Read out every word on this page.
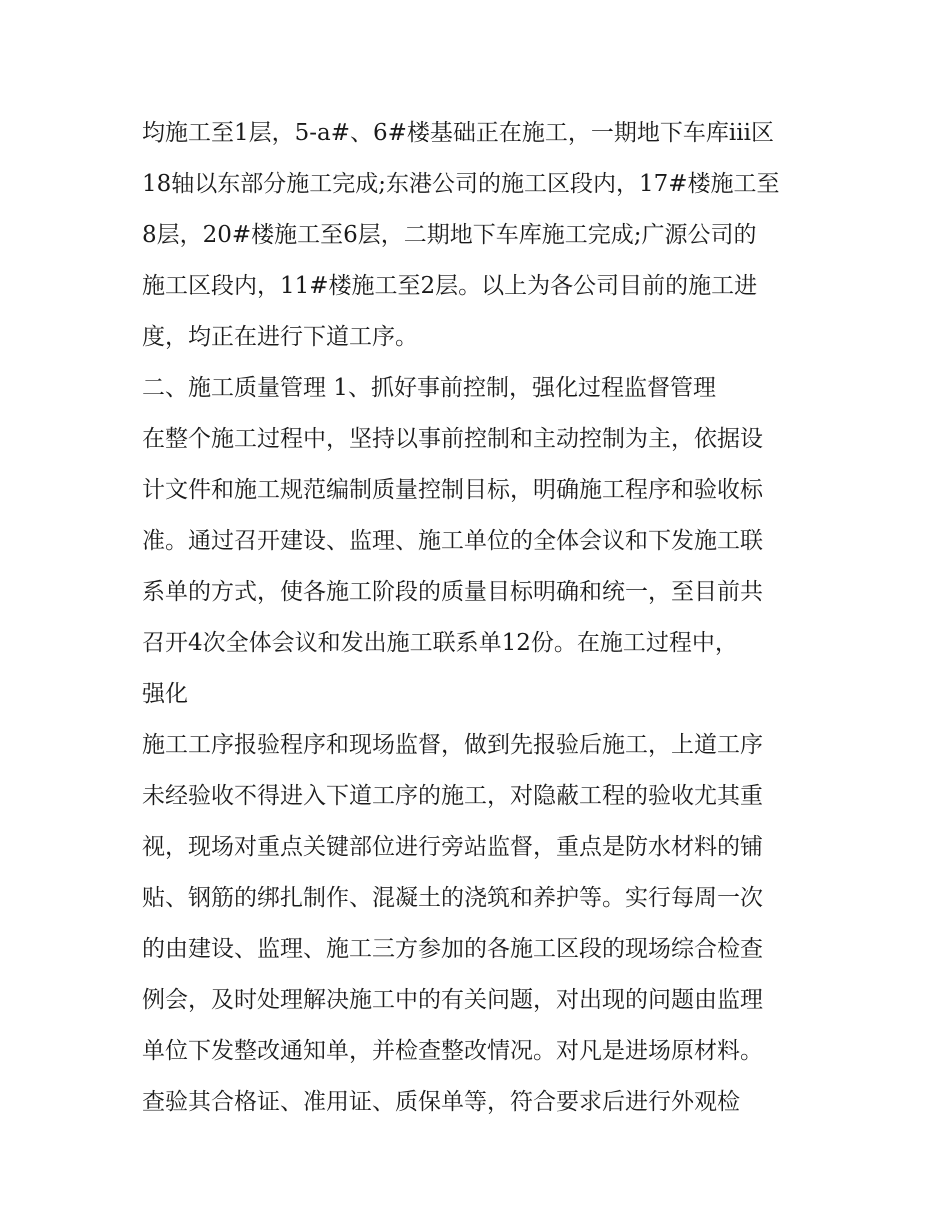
均施工至1层，5-a#、6#楼基础正在施工，一期地下车库iii区

18轴以东部分施工完成;东港公司的施工区段内，17#楼施工至

8层，20#楼施工至6层，二期地下车库施工完成;广源公司的

施工区段内，11#楼施工至2层。以上为各公司目前的施工进

度，均正在进行下道工序。

二、施工质量管理 1、抓好事前控制，强化过程监督管理

在整个施工过程中，坚持以事前控制和主动控制为主，依据设

计文件和施工规范编制质量控制目标，明确施工程序和验收标

准。通过召开建设、监理、施工单位的全体会议和下发施工联

系单的方式，使各施工阶段的质量目标明确和统一，至目前共

召开4次全体会议和发出施工联系单12份。在施工过程中，

强化

施工工序报验程序和现场监督，做到先报验后施工，上道工序

未经验收不得进入下道工序的施工，对隐蔽工程的验收尤其重

视，现场对重点关键部位进行旁站监督，重点是防水材料的铺

贴、钢筋的绑扎制作、混凝土的浇筑和养护等。实行每周一次

的由建设、监理、施工三方参加的各施工区段的现场综合检查

例会，及时处理解决施工中的有关问题，对出现的问题由监理

单位下发整改通知单，并检查整改情况。对凡是进场原材料。

查验其合格证、准用证、质保单等，符合要求后进行外观检
